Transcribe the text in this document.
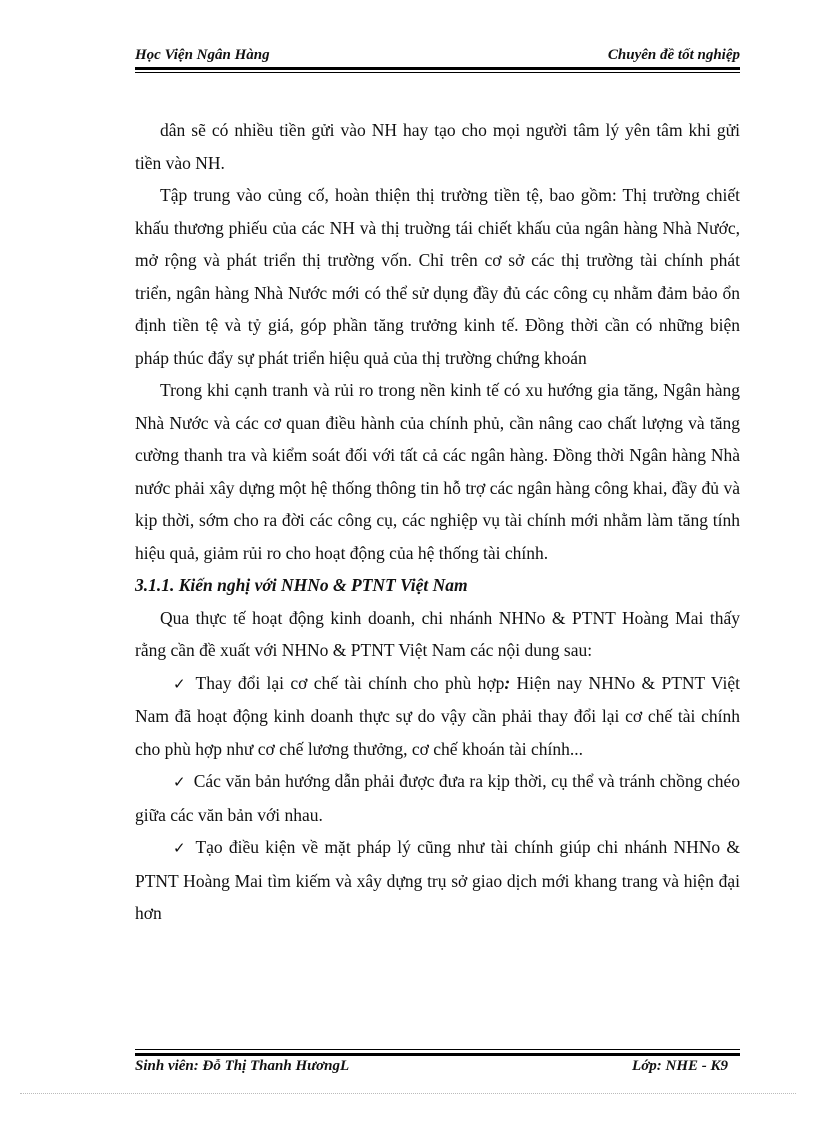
Học Viện Ngân Hàng	Chuyên đề tốt nghiệp

dân sẽ có nhiều tiền gửi vào NH hay tạo cho mọi người tâm lý yên tâm khi gửi tiền vào NH.

Tập trung vào củng cố, hoàn thiện thị trường tiền tệ, bao gồm: Thị trường chiết khấu thương phiếu của các NH và thị truờng tái chiết khấu của ngân hàng Nhà Nước, mở rộng và phát triển thị trường vốn. Chỉ trên cơ sở các thị trường tài chính phát triển, ngân hàng Nhà Nước mới có thể sử dụng đầy đủ các công cụ nhằm đảm bảo ổn định tiền tệ và tỷ giá, góp phần tăng trưởng kinh tế. Đồng thời cần có những biện pháp thúc đẩy sự phát triển hiệu quả của thị trường chứng khoán

Trong khi cạnh tranh và rủi ro trong nền kinh tế có xu hướng gia tăng, Ngân hàng Nhà Nước và các cơ quan điều hành của chính phủ, cần nâng cao chất lượng và tăng cường thanh tra và kiểm soát đối với tất cả các ngân hàng. Đồng thời Ngân hàng Nhà nước phải xây dựng một hệ thống thông tin hỗ trợ các ngân hàng công khai, đầy đủ và kịp thời, sớm cho ra đời các công cụ, các nghiệp vụ tài chính mới nhằm làm tăng tính hiệu quả, giảm rủi ro cho hoạt động của hệ thống tài chính.

3.1.1. Kiến nghị với NHNo & PTNT Việt Nam

Qua thực tế hoạt động kinh doanh, chi nhánh NHNo & PTNT Hoàng Mai thấy rằng cần đề xuất với NHNo & PTNT Việt Nam các nội dung sau:

✓ Thay đổi lại cơ chế tài chính cho phù hợp: Hiện nay NHNo & PTNT Việt Nam đã hoạt động kinh doanh thực sự do vậy cần phải thay đổi lại cơ chế tài chính cho phù hợp như cơ chế lương thưởng, cơ chế khoán tài chính...

✓ Các văn bản hướng dẫn phải được đưa ra kịp thời, cụ thể và tránh chồng chéo giữa các văn bản với nhau.

✓ Tạo điều kiện về mặt pháp lý cũng như tài chính giúp chi nhánh NHNo & PTNT Hoàng Mai tìm kiếm và xây dựng trụ sở giao dịch mới khang trang và hiện đại hơn

Sinh viên: Đỗ Thị Thanh HươngL	Lớp: NHE - K9
